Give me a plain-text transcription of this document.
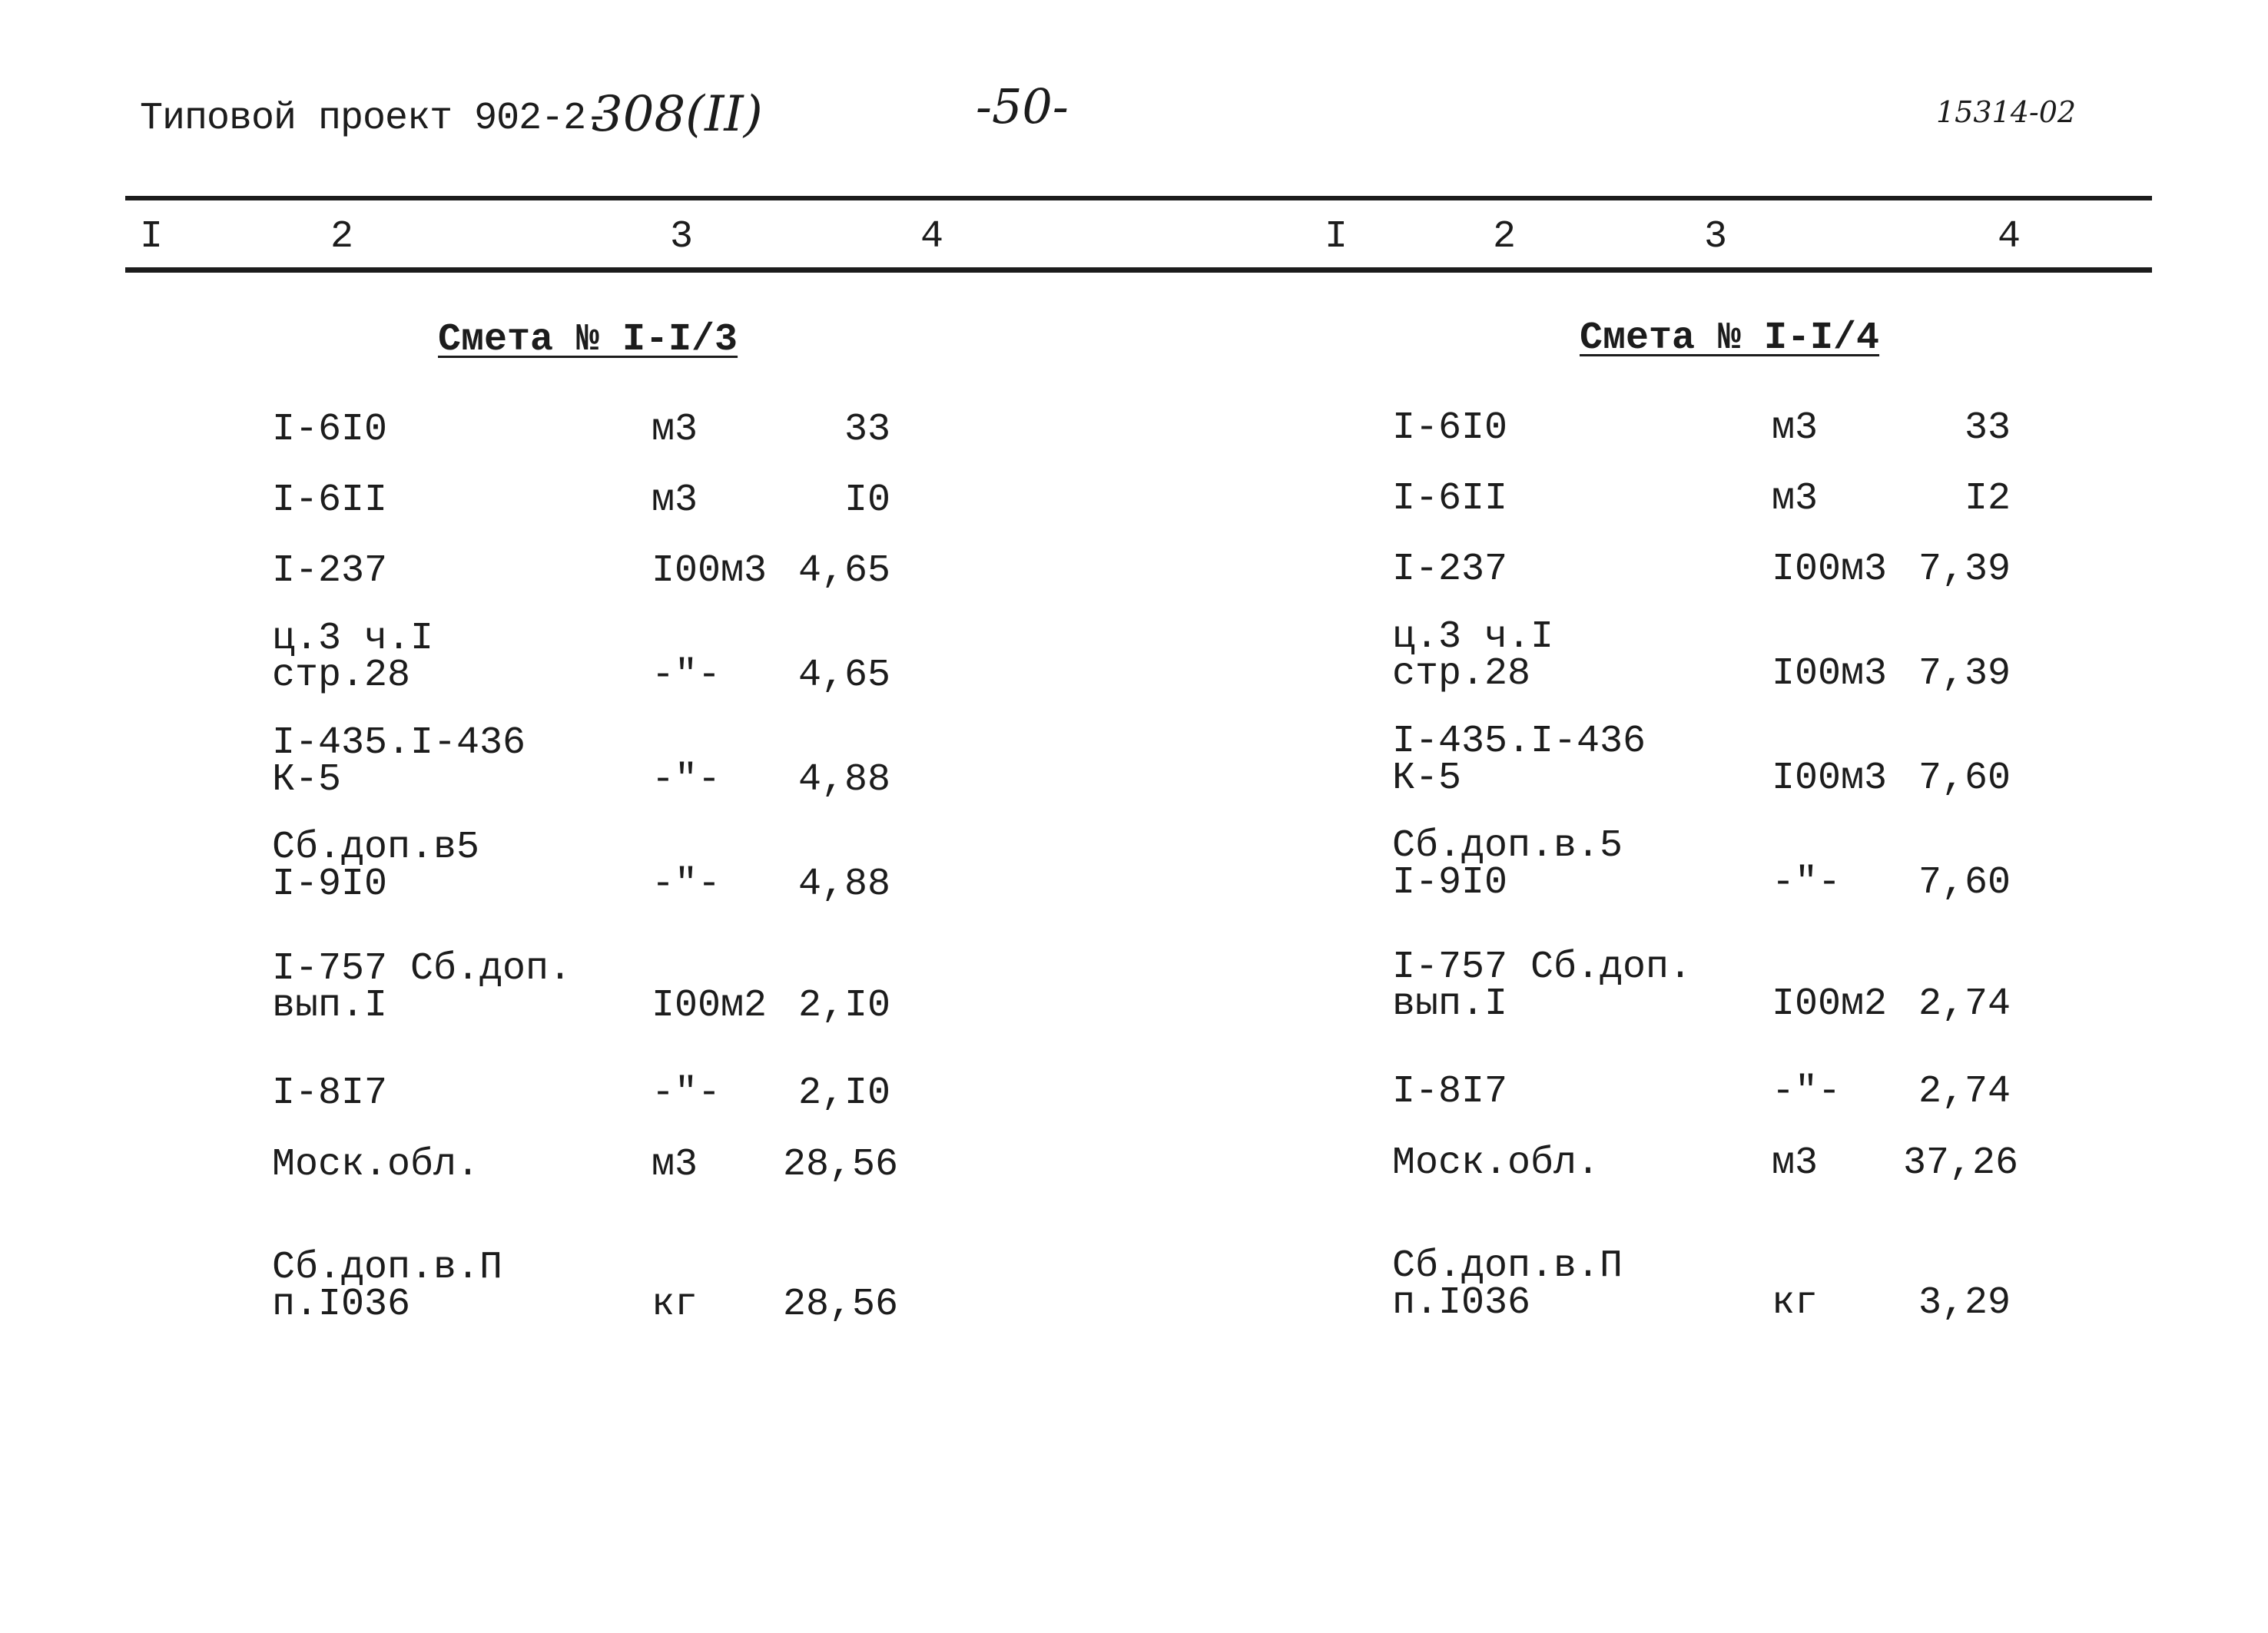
Типовой проект 902-2-
308(II)	-50-	15314-02
I	2	3	4	I	2	3	4
Смета № I-I/3	Смета № I-I/4
I-6I0	м3	33
I-6II	м3	I0
I-237	I00м3 4,65
ц.3 ч.I
стр.28	-"-	4,65
I-435.I-436
К-5	-"-	4,88
Сб.доп.в5
I-9I0	-"-	4,88
I-757 Сб.доп.
вып.I	I00м2 2,I0
I-8I7	-"-	2,I0
Моск.обл.	м3 28,56
Сб.доп.в.П
п.I036	кг 28,56
I-6I0	м3	33
I-6II	м3	I2
I-237	I00м3 7,39
ц.3 ч.I
стр.28	I00м3 7,39
I-435.I-436
К-5	I00м3 7,60
Сб.доп.в.5
I-9I0	-"-	7,60
I-757 Сб.доп.
вып.I	I00м2 2,74
I-8I7	-"-	2,74
Моск.обл.	м3 37,26
Сб.доп.в.П
п.I036	кг	3,29
